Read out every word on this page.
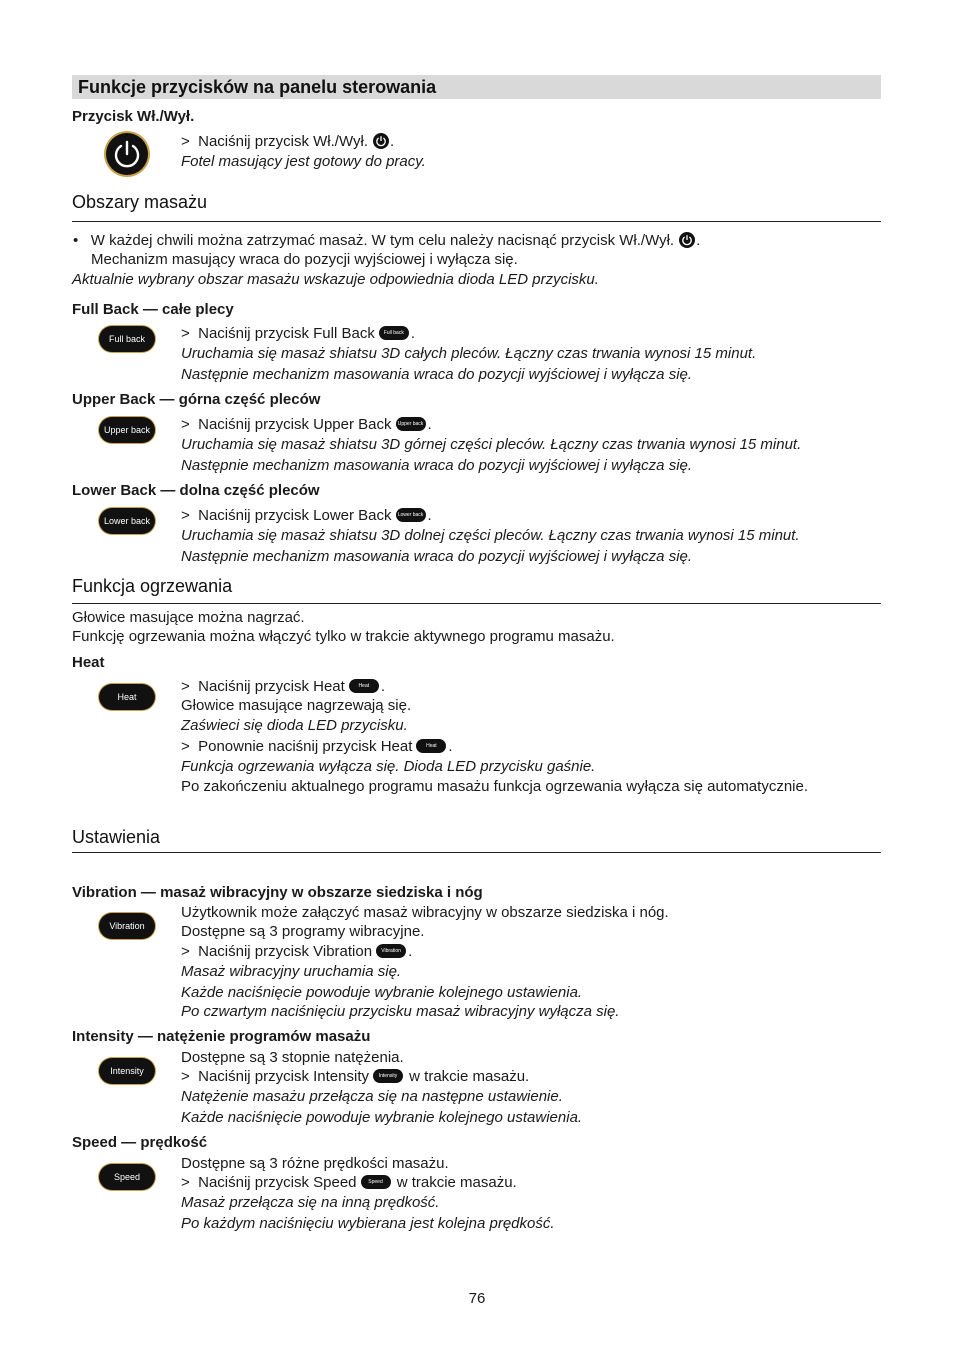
Funkcje przycisków na panelu sterowania
Przycisk Wł./Wył.
>  Naciśnij przycisk Wł./Wył. .
Fotel masujący jest gotowy do pracy.
Obszary masażu
•   W każdej chwili można zatrzymać masaż. W tym celu należy nacisnąć przycisk Wł./Wył. .
Mechanizm masujący wraca do pozycji wyjściowej i wyłącza się.
Aktualnie wybrany obszar masażu wskazuje odpowiednia dioda LED przycisku.
Full Back — całe plecy
Full back	>  Naciśnij przycisk Full Back Full back .
Uruchamia się masaż shiatsu 3D całych pleców. Łączny czas trwania wynosi 15 minut.
Następnie mechanizm masowania wraca do pozycji wyjściowej i wyłącza się.
Upper Back — górna część pleców
Upper back	>  Naciśnij przycisk Upper Back Upper back .
Uruchamia się masaż shiatsu 3D górnej części pleców. Łączny czas trwania wynosi 15 minut.
Następnie mechanizm masowania wraca do pozycji wyjściowej i wyłącza się.
Lower Back — dolna część pleców
Lower back	>  Naciśnij przycisk Lower Back Lower back .
Uruchamia się masaż shiatsu 3D dolnej części pleców. Łączny czas trwania wynosi 15 minut.
Następnie mechanizm masowania wraca do pozycji wyjściowej i wyłącza się.
Funkcja ogrzewania
Głowice masujące można nagrzać.
Funkcję ogrzewania można włączyć tylko w trakcie aktywnego programu masażu.
Heat
Heat
>  Naciśnij przycisk Heat	Heat .
Głowice masujące nagrzewają się.
Zaświeci się dioda LED przycisku.
>  Ponownie naciśnij przycisk Heat	Heat .
Funkcja ogrzewania wyłącza się. Dioda LED przycisku gaśnie.
Po zakończeniu aktualnego programu masażu funkcja ogrzewania wyłącza się automatycznie.
Ustawienia
Vibration — masaż wibracyjny w obszarze siedziska i nóg
Vibration
Użytkownik może załączyć masaż wibracyjny w obszarze siedziska i nóg.
Dostępne są 3 programy wibracyjne.
>  Naciśnij przycisk Vibration Vibration .
Masaż wibracyjny uruchamia się.
Każde naciśnięcie powoduje wybranie kolejnego ustawienia.
Po czwartym naciśnięciu przycisku masaż wibracyjny wyłącza się.
Intensity — natężenie programów masażu
Intensity
Dostępne są 3 stopnie natężenia.
>  Naciśnij przycisk Intensity Intensity w trakcie masażu.
Natężenie masażu przełącza się na następne ustawienie.
Każde naciśnięcie powoduje wybranie kolejnego ustawienia.
Speed — prędkość
Speed
Dostępne są 3 różne prędkości masażu.
>  Naciśnij przycisk Speed Speed w trakcie masażu.
Masaż przełącza się na inną prędkość.
Po każdym naciśnięciu wybierana jest kolejna prędkość.
76
